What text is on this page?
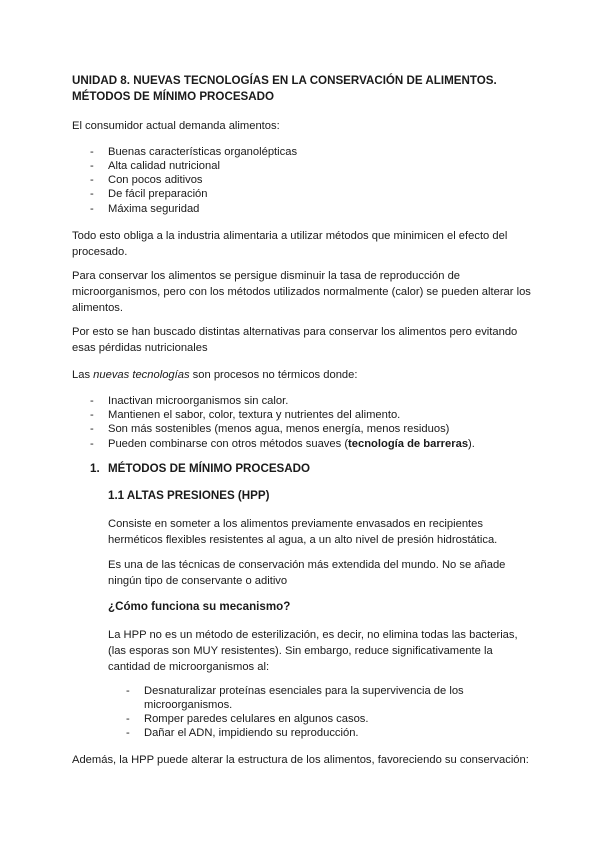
UNIDAD 8. NUEVAS TECNOLOGÍAS EN LA CONSERVACIÓN DE ALIMENTOS.
MÉTODOS DE MÍNIMO PROCESADO
El consumidor actual demanda alimentos:
- Buenas características organolépticas
- Alta calidad nutricional
- Con pocos aditivos
- De fácil preparación
- Máxima seguridad
Todo esto obliga a la industria alimentaria a utilizar métodos que minimicen el efecto del
procesado.
Para conservar los alimentos se persigue disminuir la tasa de reproducción de
microorganismos, pero con los métodos utilizados normalmente (calor) se pueden alterar los
alimentos.
Por esto se han buscado distintas alternativas para conservar los alimentos pero evitando
esas pérdidas nutricionales
Las nuevas tecnologías son procesos no térmicos donde:
- Inactivan microorganismos sin calor.
- Mantienen el sabor, color, textura y nutrientes del alimento.
- Son más sostenibles (menos agua, menos energía, menos residuos)
- Pueden combinarse con otros métodos suaves (tecnología de barreras).
1. MÉTODOS DE MÍNIMO PROCESADO
1.1 ALTAS PRESIONES (HPP)
Consiste en someter a los alimentos previamente envasados en recipientes
herméticos flexibles resistentes al agua, a un alto nivel de presión hidrostática.
Es una de las técnicas de conservación más extendida del mundo. No se añade
ningún tipo de conservante o aditivo
¿Cómo funciona su mecanismo?
La HPP no es un método de esterilización, es decir, no elimina todas las bacterias,
(las esporas son MUY resistentes). Sin embargo, reduce significativamente la
cantidad de microorganismos al:
- Desnaturalizar proteínas esenciales para la supervivencia de los
microorganismos.
- Romper paredes celulares en algunos casos.
- Dañar el ADN, impidiendo su reproducción.
Además, la HPP puede alterar la estructura de los alimentos, favoreciendo su conservación:
